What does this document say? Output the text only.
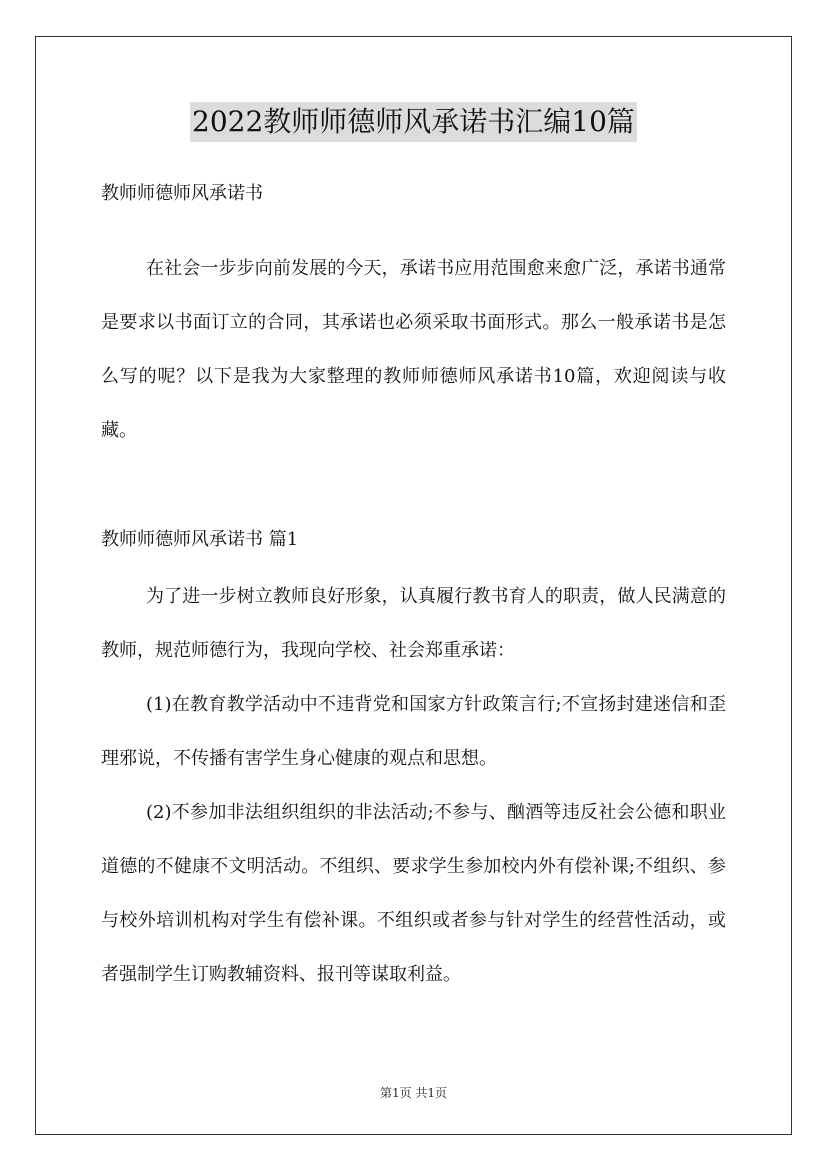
2022教师师德师风承诺书汇编10篇

教师师德师风承诺书

在社会一步步向前发展的今天，承诺书应用范围愈来愈广泛，承诺书通常是要求以书面订立的合同，其承诺也必须采取书面形式。那么一般承诺书是怎么写的呢？以下是我为大家整理的教师师德师风承诺书10篇，欢迎阅读与收藏。

教师师德师风承诺书 篇1

为了进一步树立教师良好形象，认真履行教书育人的职责，做人民满意的教师，规范师德行为，我现向学校、社会郑重承诺：

(1)在教育教学活动中不违背党和国家方针政策言行;不宣扬封建迷信和歪理邪说，不传播有害学生身心健康的观点和思想。

(2)不参加非法组织组织的非法活动;不参与、酗酒等违反社会公德和职业道德的不健康不文明活动。不组织、要求学生参加校内外有偿补课;不组织、参与校外培训机构对学生有偿补课。不组织或者参与针对学生的经营性活动，或者强制学生订购教辅资料、报刊等谋取利益。

第1页 共1页
